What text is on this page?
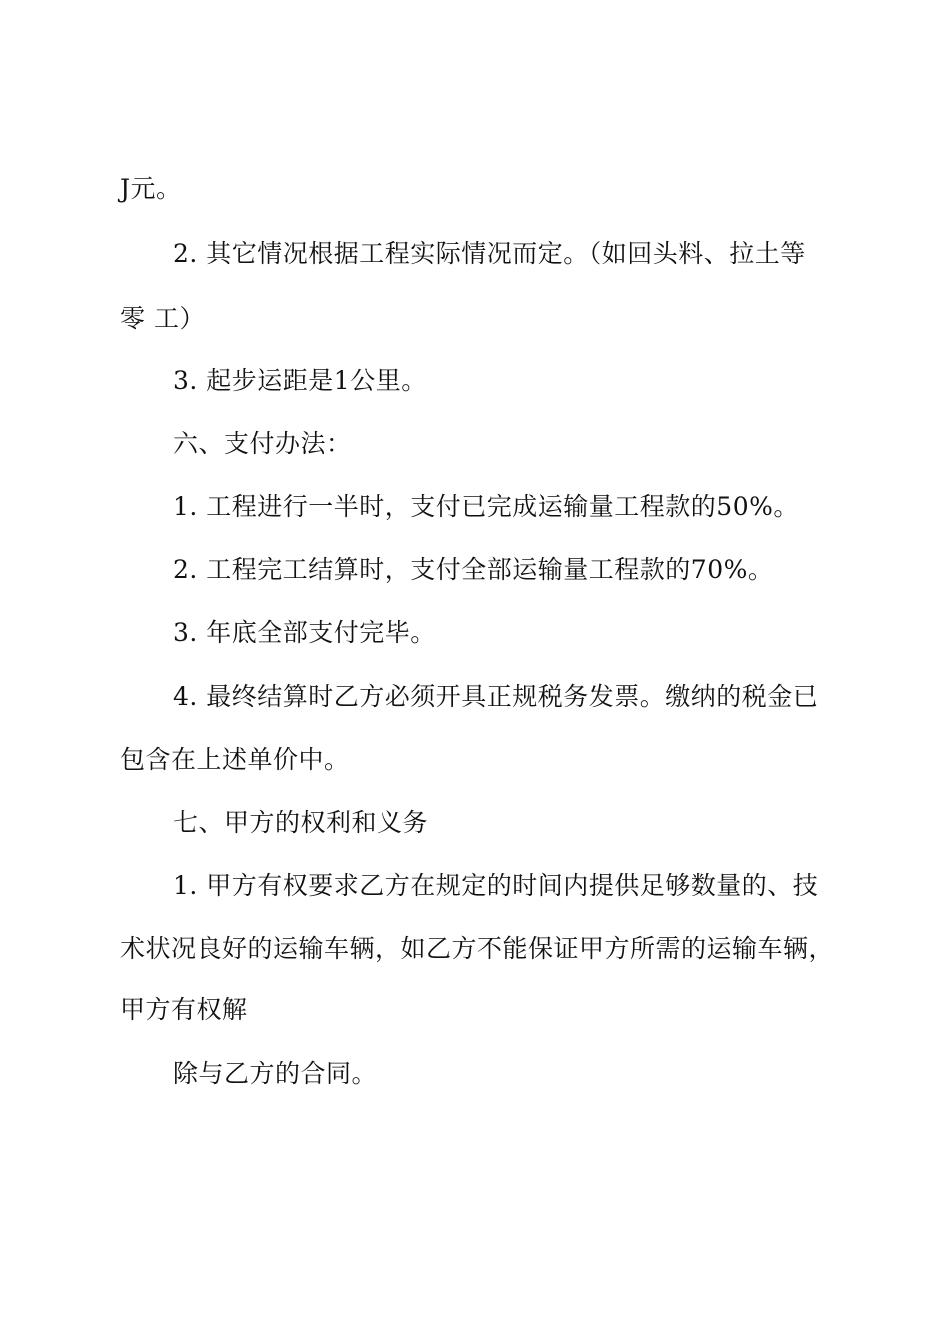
J元。
2. 其它情况根据工程实际情况而定。（如回头料、拉土等
零 工）
3. 起步运距是1公里。
六、支付办法：
1. 工程进行一半时，支付已完成运输量工程款的50%。
2. 工程完工结算时，支付全部运输量工程款的70%。
3. 年底全部支付完毕。
4. 最终结算时乙方必须开具正规税务发票。缴纳的税金已
包含在上述单价中。
七、甲方的权利和义务
1. 甲方有权要求乙方在规定的时间内提供足够数量的、技
术状况良好的运输车辆，如乙方不能保证甲方所需的运输车辆，
甲方有权解
除与乙方的合同。
